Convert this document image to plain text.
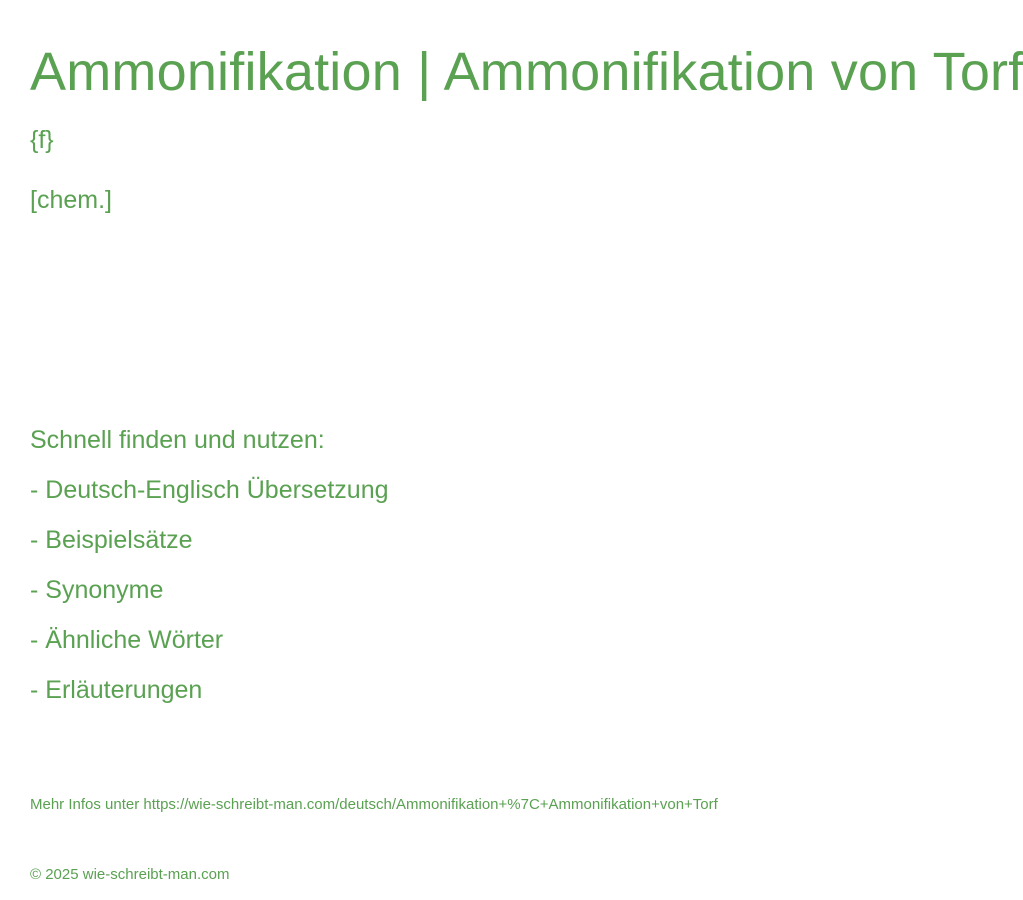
Ammonifikation | Ammonifikation von Torf
{f}
[chem.]
Schnell finden und nutzen:
- Deutsch-Englisch Übersetzung
- Beispielsätze
- Synonyme
- Ähnliche Wörter
- Erläuterungen
Mehr Infos unter https://wie-schreibt-man.com/deutsch/Ammonifikation+%7C+Ammonifikation+von+Torf
© 2025 wie-schreibt-man.com
